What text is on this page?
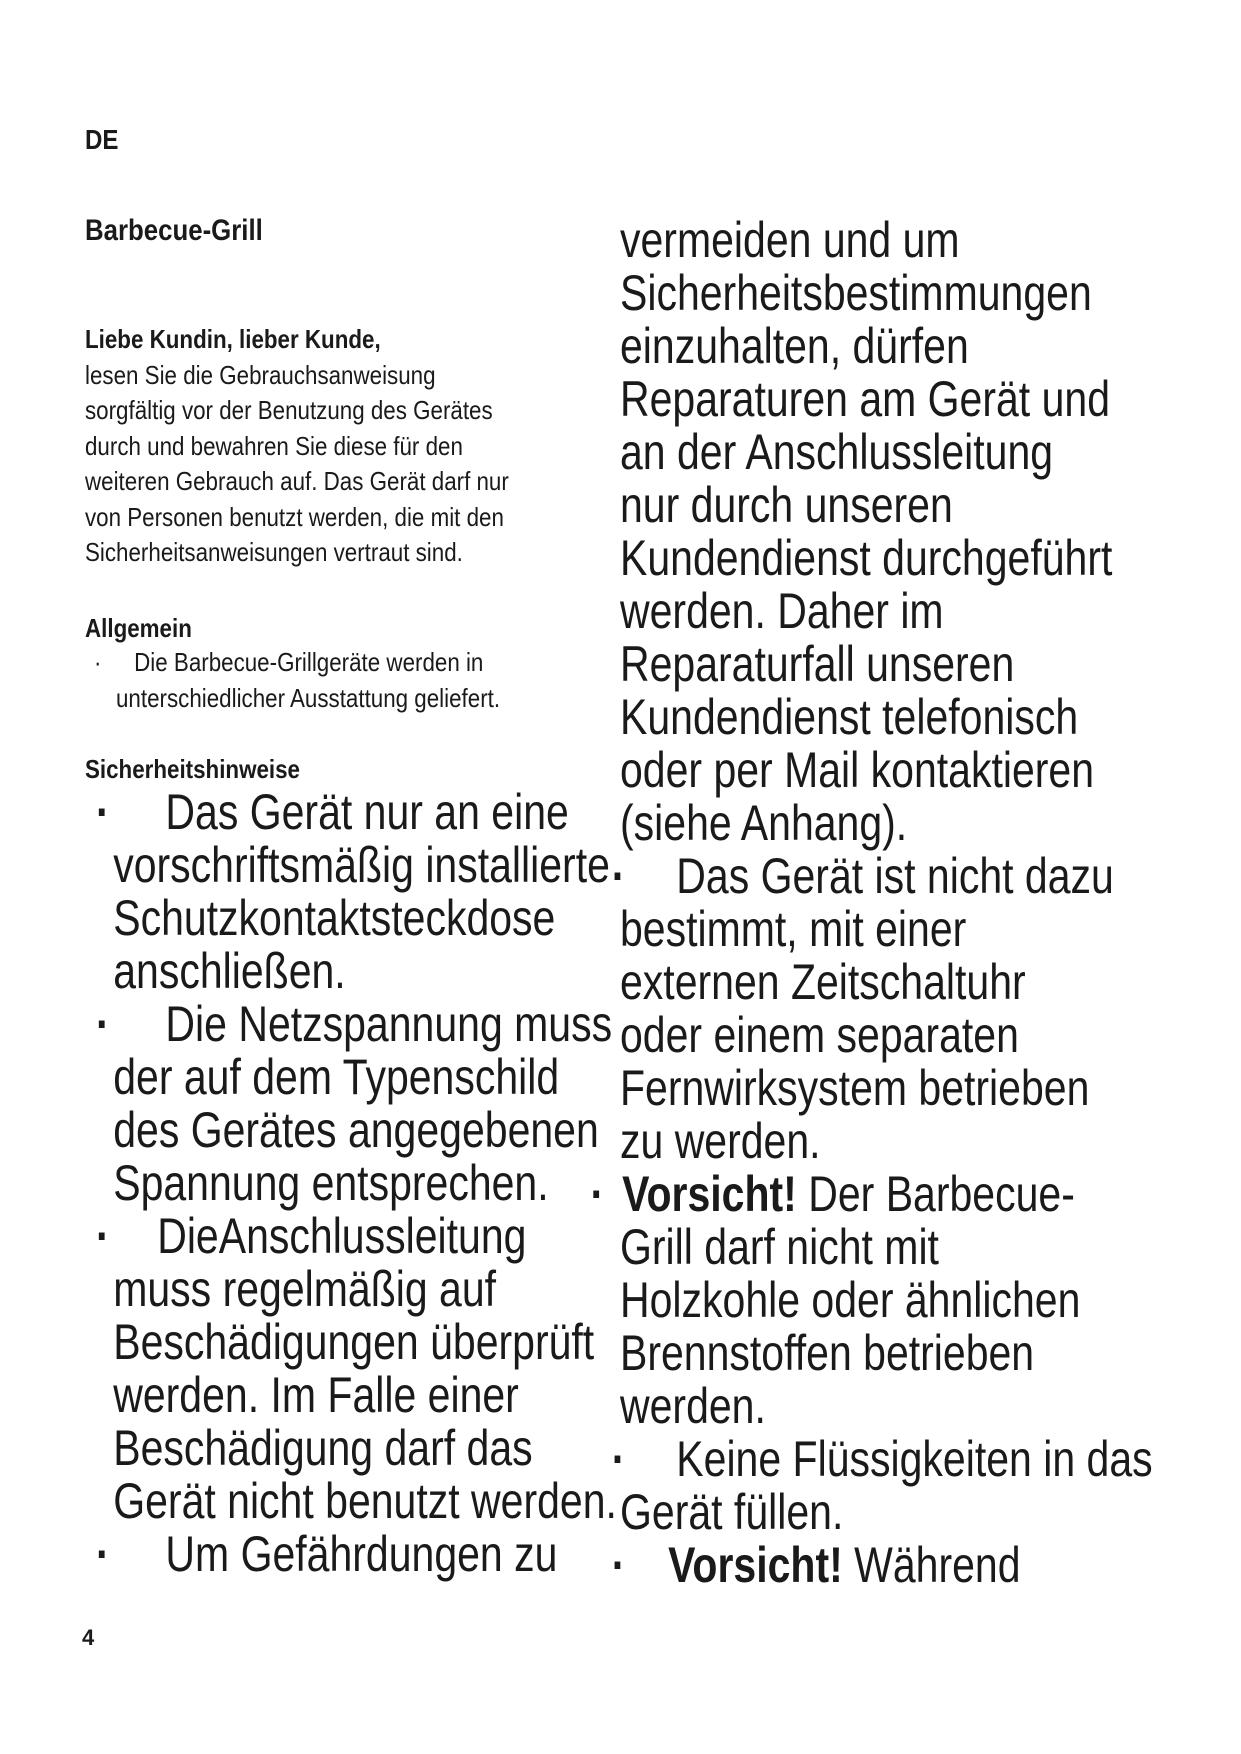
DE
Barbecue-Grill
Liebe Kundin, lieber Kunde,
lesen Sie die Gebrauchsanweisung
sorgfältig vor der Benutzung des Gerätes
durch und bewahren Sie diese für den
weiteren Gebrauch auf. Das Gerät darf nur
von Personen benutzt werden, die mit den
Sicherheitsanweisungen vertraut sind.
Allgemein
· Die Barbecue-Grillgeräte werden in
unterschiedlicher Ausstattung geliefert.
Sicherheitshinweise
· Das Gerät nur an eine
vorschriftsmäßig installierte
Schutzkontaktsteckdose
anschließen.
· Die Netzspannung muss
der auf dem Typenschild
des Gerätes angegebenen
Spannung entsprechen.
· DieAnschlussleitung
muss regelmäßig auf
Beschädigungen überprüft
werden. Im Falle einer
Beschädigung darf das
Gerät nicht benutzt werden.
· Um Gefährdungen zu
vermeiden und um
Sicherheitsbestimmungen
einzuhalten, dürfen
Reparaturen am Gerät und
an der Anschlussleitung
nur durch unseren
Kundendienst durchgeführt
werden. Daher im
Reparaturfall unseren
Kundendienst telefonisch
oder per Mail kontaktieren
(siehe Anhang).
· Das Gerät ist nicht dazu
bestimmt, mit einer
externen Zeitschaltuhr
oder einem separaten
Fernwirksystem betrieben
zu werden.
· Vorsicht! Der Barbecue-
Grill darf nicht mit
Holzkohle oder ähnlichen
Brennstoffen betrieben
werden.
· Keine Flüssigkeiten in das
Gerät füllen.
· Vorsicht! Während
4
